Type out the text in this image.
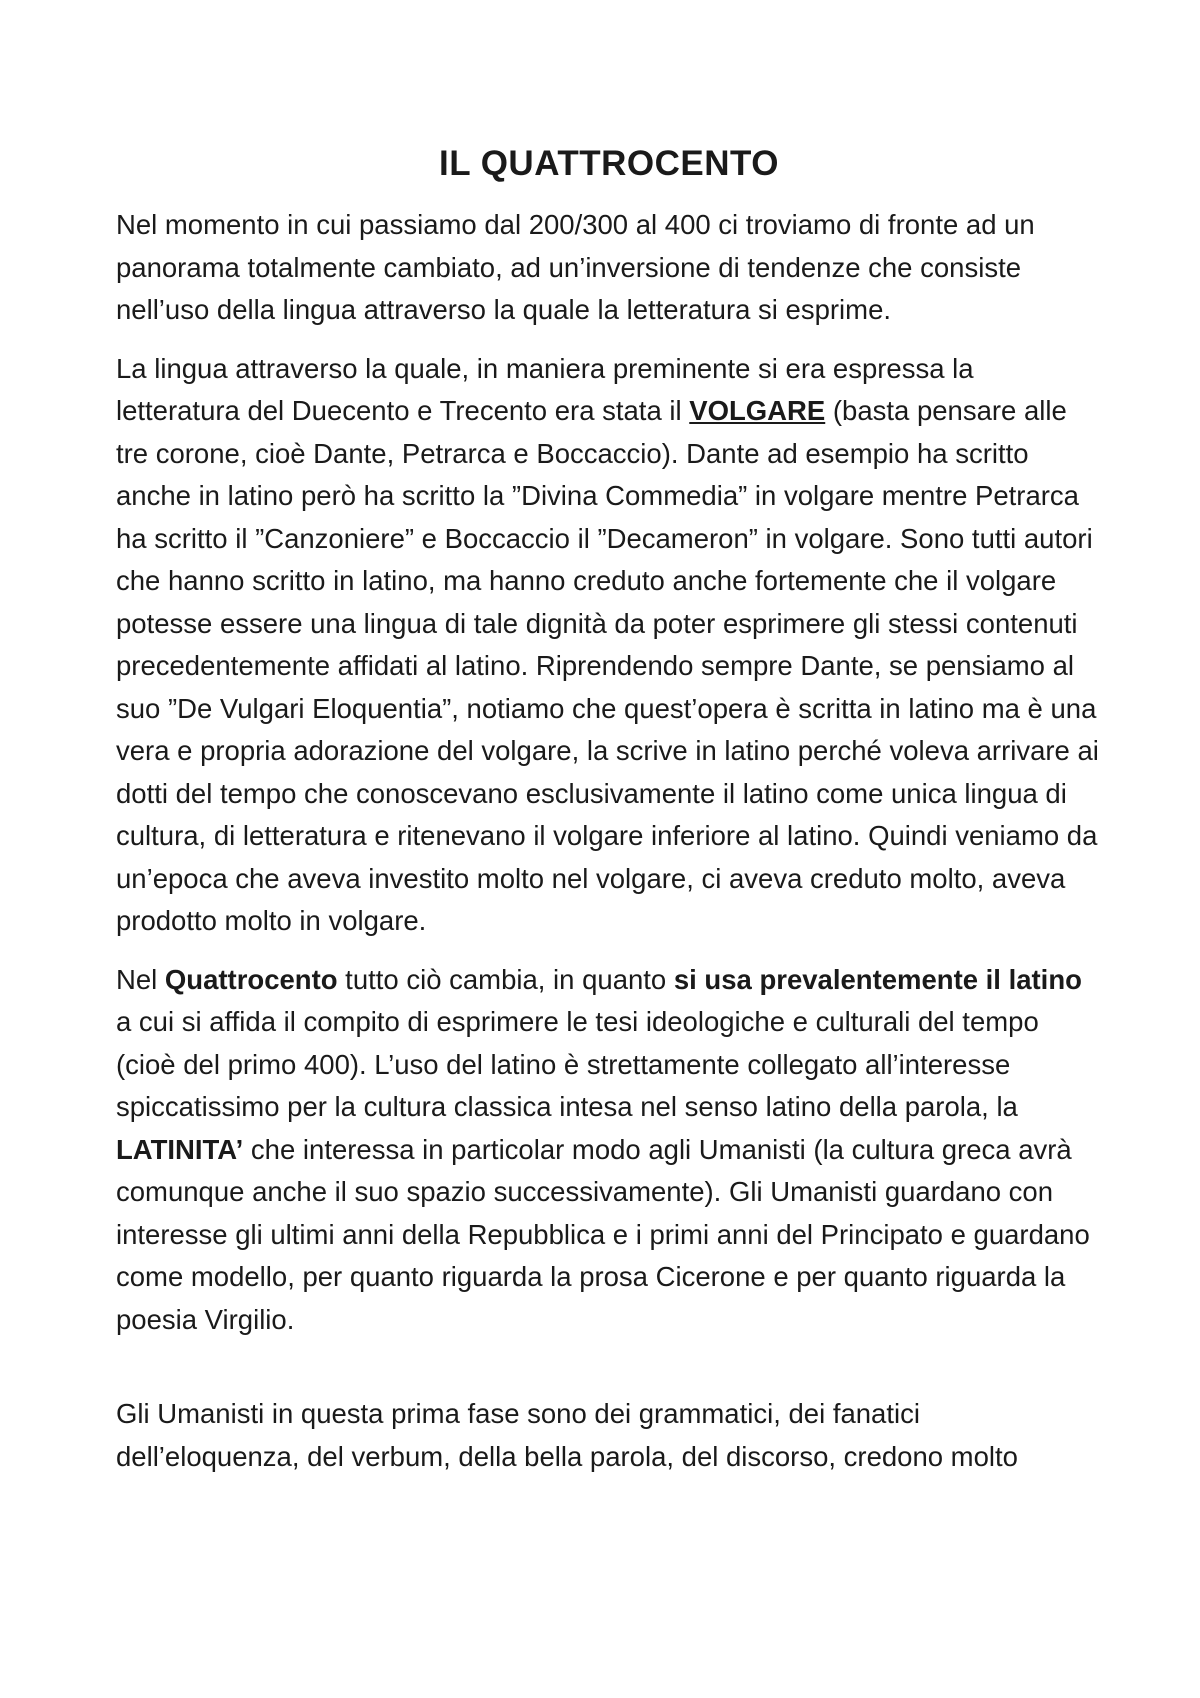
IL QUATTROCENTO

Nel momento in cui passiamo dal 200/300 al 400 ci troviamo di fronte ad un panorama totalmente cambiato, ad un’inversione di tendenze che consiste nell’uso della lingua attraverso la quale la letteratura si esprime.

La lingua attraverso la quale, in maniera preminente si era espressa la letteratura del Duecento e Trecento era stata il VOLGARE (basta pensare alle tre corone, cioè Dante, Petrarca e Boccaccio). Dante ad esempio ha scritto anche in latino però ha scritto la ”Divina Commedia” in volgare mentre Petrarca ha scritto il ”Canzoniere” e Boccaccio il ”Decameron” in volgare. Sono tutti autori che hanno scritto in latino, ma hanno creduto anche fortemente che il volgare potesse essere una lingua di tale dignità da poter esprimere gli stessi contenuti precedentemente affidati al latino. Riprendendo sempre Dante, se pensiamo al suo ”De Vulgari Eloquentia”, notiamo che quest’opera è scritta in latino ma è una vera e propria adorazione del volgare, la scrive in latino perché voleva arrivare ai dotti del tempo che conoscevano esclusivamente il latino come unica lingua di cultura, di letteratura e ritenevano il volgare inferiore al latino. Quindi veniamo da un’epoca che aveva investito molto nel volgare, ci aveva creduto molto, aveva prodotto molto in volgare.

Nel Quattrocento tutto ciò cambia, in quanto si usa prevalentemente il latino a cui si affida il compito di esprimere le tesi ideologiche e culturali del tempo (cioè del primo 400). L’uso del latino è strettamente collegato all’interesse spiccatissimo per la cultura classica intesa nel senso latino della parola, la LATINITA’ che interessa in particolar modo agli Umanisti (la cultura greca avrà comunque anche il suo spazio successivamente). Gli Umanisti guardano con interesse gli ultimi anni della Repubblica e i primi anni del Principato e guardano come modello, per quanto riguarda la prosa Cicerone e per quanto riguarda la poesia Virgilio.

Gli Umanisti in questa prima fase sono dei grammatici, dei fanatici dell’eloquenza, del verbum, della bella parola, del discorso, credono molto
